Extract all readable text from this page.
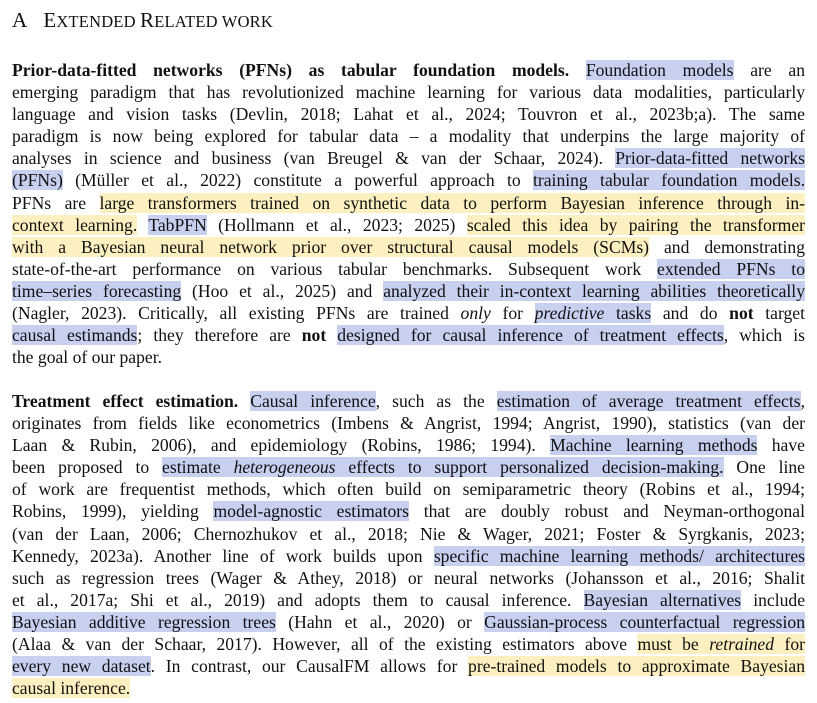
A EXTENDED RELATED WORK
Prior-data-fitted networks (PFNs) as tabular foundation models. Foundation models are an
emerging paradigm that has revolutionized machine learning for various data modalities, particularly
language and vision tasks (Devlin, 2018; Lahat et al., 2024; Touvron et al., 2023b;a). The same
paradigm is now being explored for tabular data – a modality that underpins the large majority of
analyses in science and business (van Breugel & van der Schaar, 2024). Prior-data-fitted networks
(PFNs) (Müller et al., 2022) constitute a powerful approach to training tabular foundation models.
PFNs are large transformers trained on synthetic data to perform Bayesian inference through in-
context learning. TabPFN (Hollmann et al., 2023; 2025) scaled this idea by pairing the transformer
with a Bayesian neural network prior over structural causal models (SCMs) and demonstrating
state-of-the-art performance on various tabular benchmarks. Subsequent work extended PFNs to
time–series forecasting (Hoo et al., 2025) and analyzed their in-context learning abilities theoretically
(Nagler, 2023). Critically, all existing PFNs are trained only for predictive tasks and do not target
causal estimands; they therefore are not designed for causal inference of treatment effects, which is
the goal of our paper.
Treatment effect estimation. Causal inference, such as the estimation of average treatment effects,
originates from fields like econometrics (Imbens & Angrist, 1994; Angrist, 1990), statistics (van der
Laan & Rubin, 2006), and epidemiology (Robins, 1986; 1994). Machine learning methods have
been proposed to estimate heterogeneous effects to support personalized decision-making. One line
of work are frequentist methods, which often build on semiparametric theory (Robins et al., 1994;
Robins, 1999), yielding model-agnostic estimators that are doubly robust and Neyman-orthogonal
(van der Laan, 2006; Chernozhukov et al., 2018; Nie & Wager, 2021; Foster & Syrgkanis, 2023;
Kennedy, 2023a). Another line of work builds upon specific machine learning methods/ architectures
such as regression trees (Wager & Athey, 2018) or neural networks (Johansson et al., 2016; Shalit
et al., 2017a; Shi et al., 2019) and adopts them to causal inference. Bayesian alternatives include
Bayesian additive regression trees (Hahn et al., 2020) or Gaussian-process counterfactual regression
(Alaa & van der Schaar, 2017). However, all of the existing estimators above must be retrained for
every new dataset. In contrast, our CausalFM allows for pre-trained models to approximate Bayesian
causal inference.
